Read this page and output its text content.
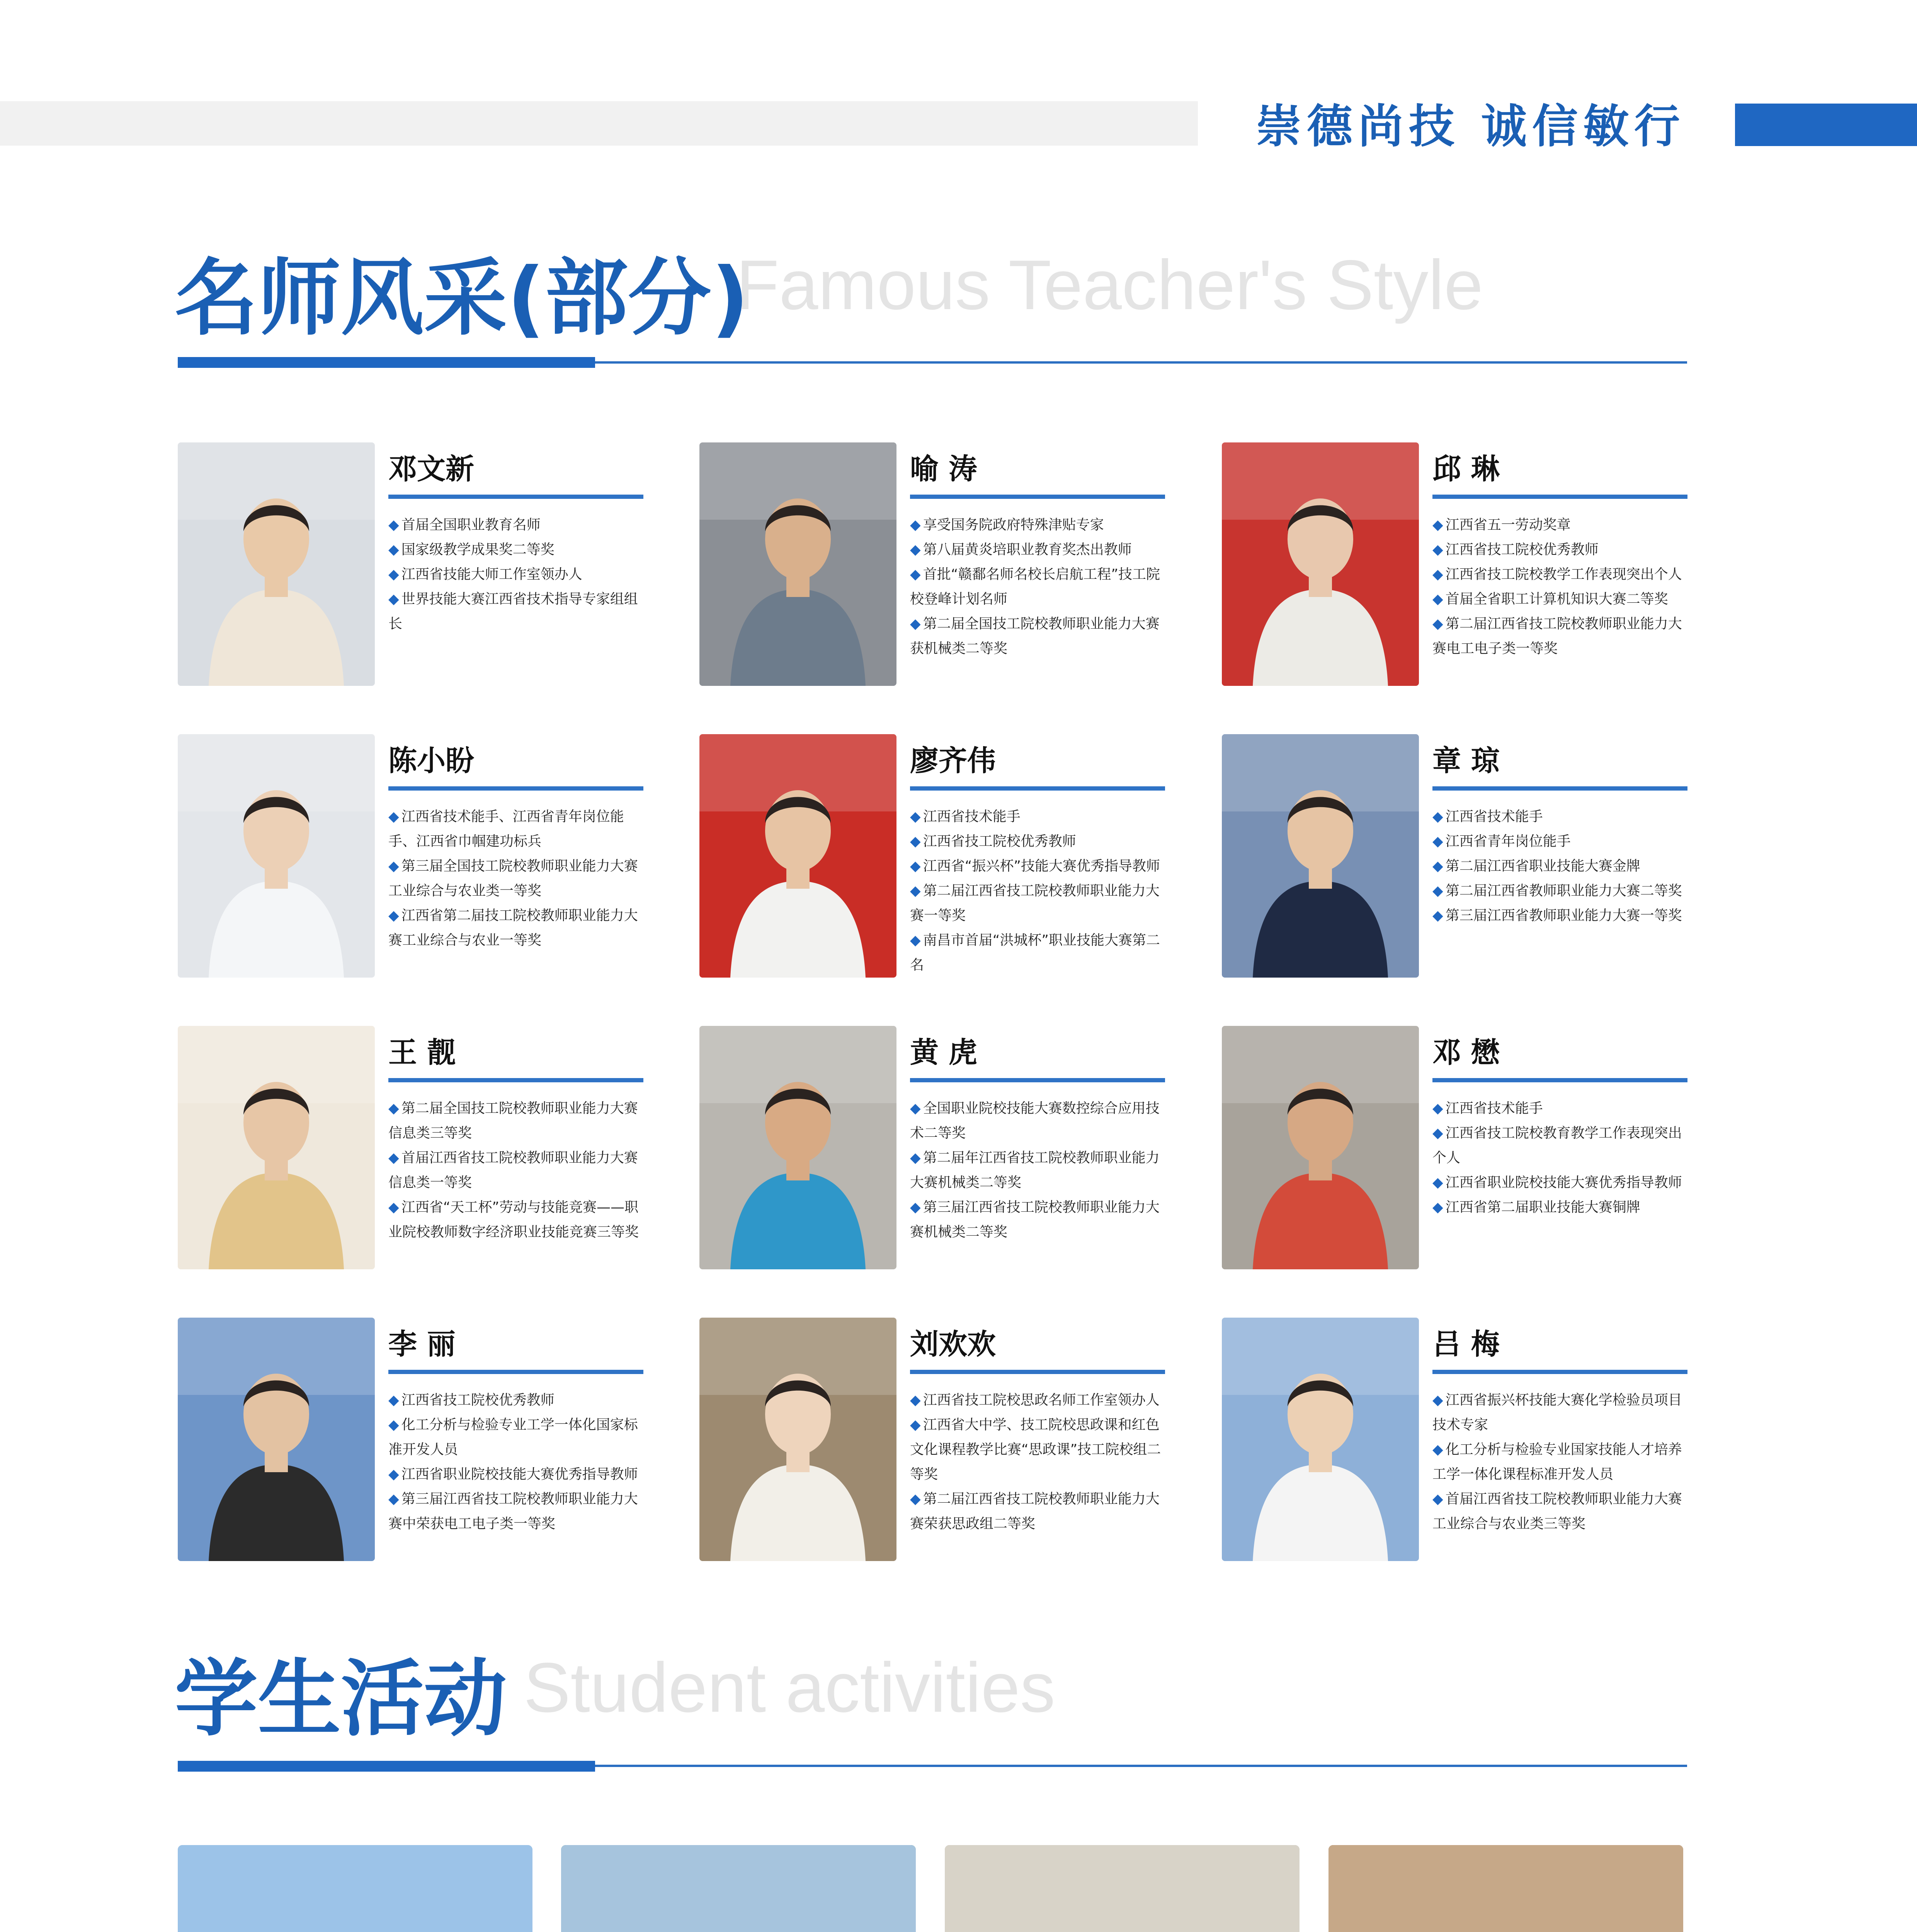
崇德尚技 诚信敏行
名师风采(部分)
Famous Teacher's Style
邓文新
◆ 首届全国职业教育名师
◆ 国家级教学成果奖二等奖
◆ 江西省技能大师工作室领办人
◆ 世界技能大赛江西省技术指导专家组组长
喻 涛
◆ 享受国务院政府特殊津贴专家
◆ 第八届黄炎培职业教育奖杰出教师
◆ 首批“赣鄱名师名校长启航工程”技工院校登峰计划名师
◆ 第二届全国技工院校教师职业能力大赛获机械类二等奖
邱 琳
◆ 江西省五一劳动奖章
◆ 江西省技工院校优秀教师
◆ 江西省技工院校教学工作表现突出个人
◆ 首届全省职工计算机知识大赛二等奖
◆ 第二届江西省技工院校教师职业能力大赛电工电子类一等奖
陈小盼
◆ 江西省技术能手、江西省青年岗位能手、江西省巾帼建功标兵
◆ 第三届全国技工院校教师职业能力大赛工业综合与农业类一等奖
◆ 江西省第二届技工院校教师职业能力大赛工业综合与农业一等奖
廖齐伟
◆ 江西省技术能手
◆ 江西省技工院校优秀教师
◆ 江西省“振兴杯”技能大赛优秀指导教师
◆ 第二届江西省技工院校教师职业能力大赛一等奖
◆ 南昌市首届“洪城杯”职业技能大赛第二名
章 琼
◆ 江西省技术能手
◆ 江西省青年岗位能手
◆ 第二届江西省职业技能大赛金牌
◆ 第二届江西省教师职业能力大赛二等奖
◆ 第三届江西省教师职业能力大赛一等奖
王 靓
◆ 第二届全国技工院校教师职业能力大赛信息类三等奖
◆ 首届江西省技工院校教师职业能力大赛信息类一等奖
◆ 江西省“天工杯”劳动与技能竞赛——职业院校教师数字经济职业技能竞赛三等奖
黄 虎
◆ 全国职业院校技能大赛数控综合应用技术二等奖
◆ 第二届年江西省技工院校教师职业能力大赛机械类二等奖
◆ 第三届江西省技工院校教师职业能力大赛机械类二等奖
邓 懋
◆ 江西省技术能手
◆ 江西省技工院校教育教学工作表现突出个人
◆ 江西省职业院校技能大赛优秀指导教师
◆ 江西省第二届职业技能大赛铜牌
李 丽
◆ 江西省技工院校优秀教师
◆ 化工分析与检验专业工学一体化国家标准开发人员
◆ 江西省职业院校技能大赛优秀指导教师
◆ 第三届江西省技工院校教师职业能力大赛中荣获电工电子类一等奖
刘欢欢
◆ 江西省技工院校思政名师工作室领办人
◆ 江西省大中学、技工院校思政课和红色文化课程教学比赛“思政课”技工院校组二等奖
◆ 第二届江西省技工院校教师职业能力大赛荣获思政组二等奖
吕 梅
◆ 江西省振兴杯技能大赛化学检验员项目技术专家
◆ 化工分析与检验专业国家技能人才培养工学一体化课程标准开发人员
◆ 首届江西省技工院校教师职业能力大赛工业综合与农业类三等奖
学生活动 Student activities
